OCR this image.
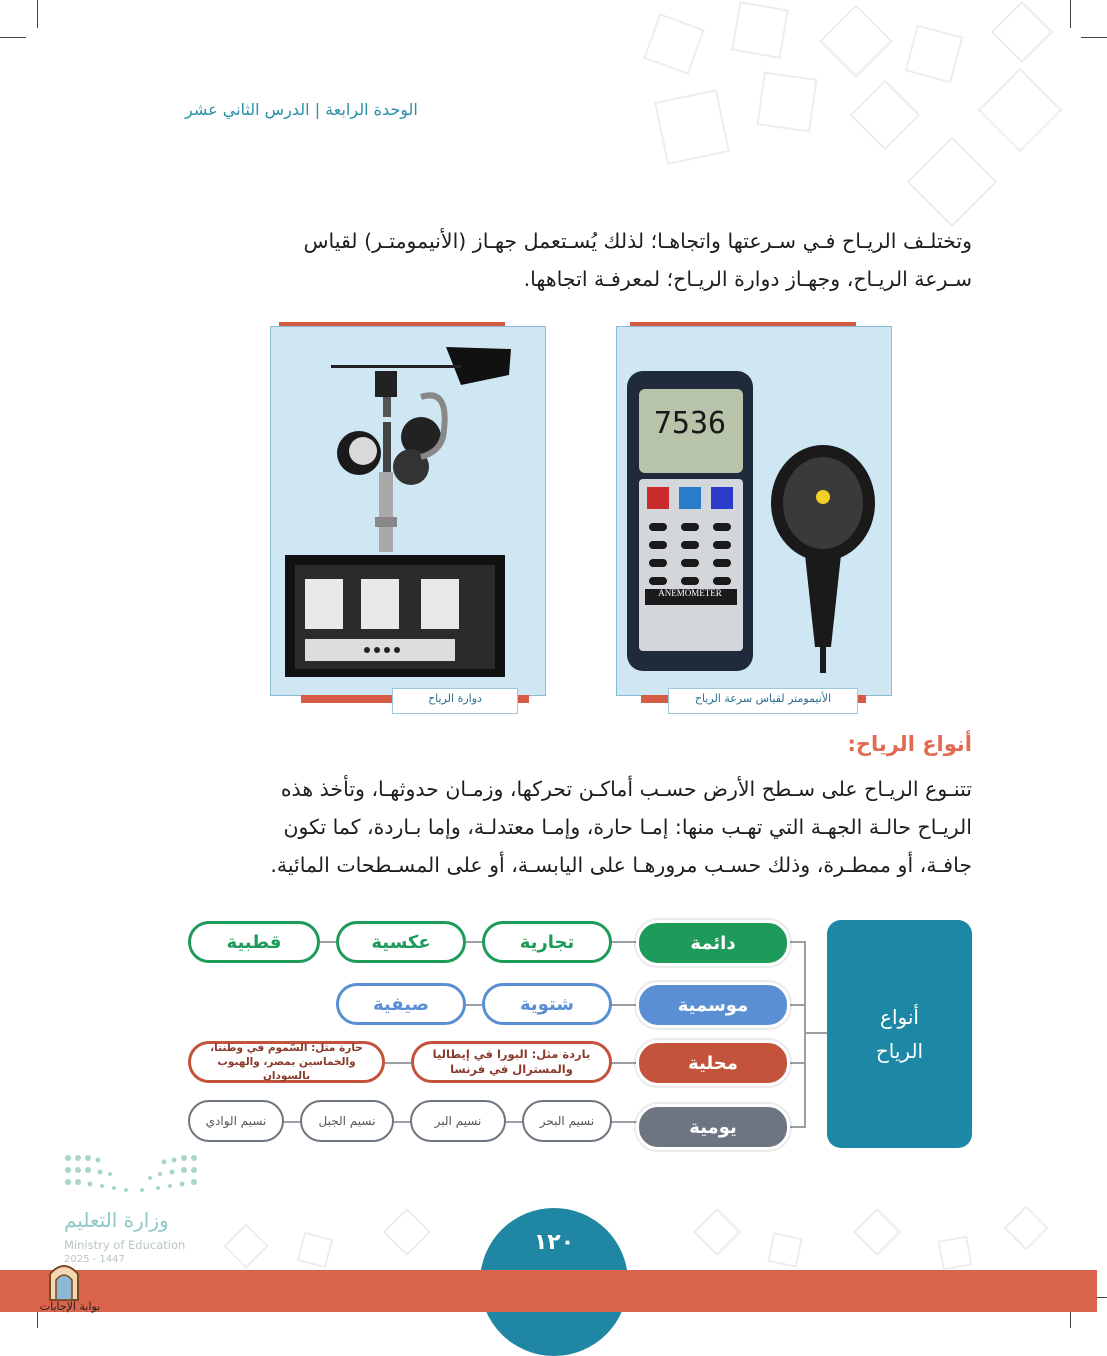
الوحدة الرابعة | الدرس الثاني عشر
وتختلـف الريـاح فـي سـرعتها واتجاهـا؛ لذلك يُسـتعمل جهـاز (الأنيمومتـر) لقياس
سـرعة الريـاح، وجهـاز دوارة الريـاح؛ لمعرفـة اتجاهها.
دوارة الرياح
7536
ANEMOMETER
الأنيمومتر لقياس سرعة الرياح
أنواع الرياح:
تتنـوع الريـاح على سـطح الأرض حسـب أماكـن تحركها، وزمـان حدوثهـا، وتأخذ هذه
الريـاح حالـة الجهـة التي تهـب منها: إمـا حارة، وإمـا معتدلـة، وإما بـاردة، كما تكون
جافـة، أو ممطـرة، وذلك حسـب مرورهـا على اليابسـة، أو على المسـطحات المائية.
أنواع الرياح
دائمة
موسمية
محلية
يومية
تجارية
عكسية
قطبية
شتوية
صيفية
باردة مثل: البورا في إيطاليا والمسترال في فرنسا
حارة مثل: السّموم في وطننا، والخماسين بمصر، والهبوب بالسودان
نسيم البحر
نسيم البر
نسيم الجبل
نسيم الوادي
وزارة التعليم
Ministry of Education
2025 - 1447
١٢٠
بوابة الإجابات
